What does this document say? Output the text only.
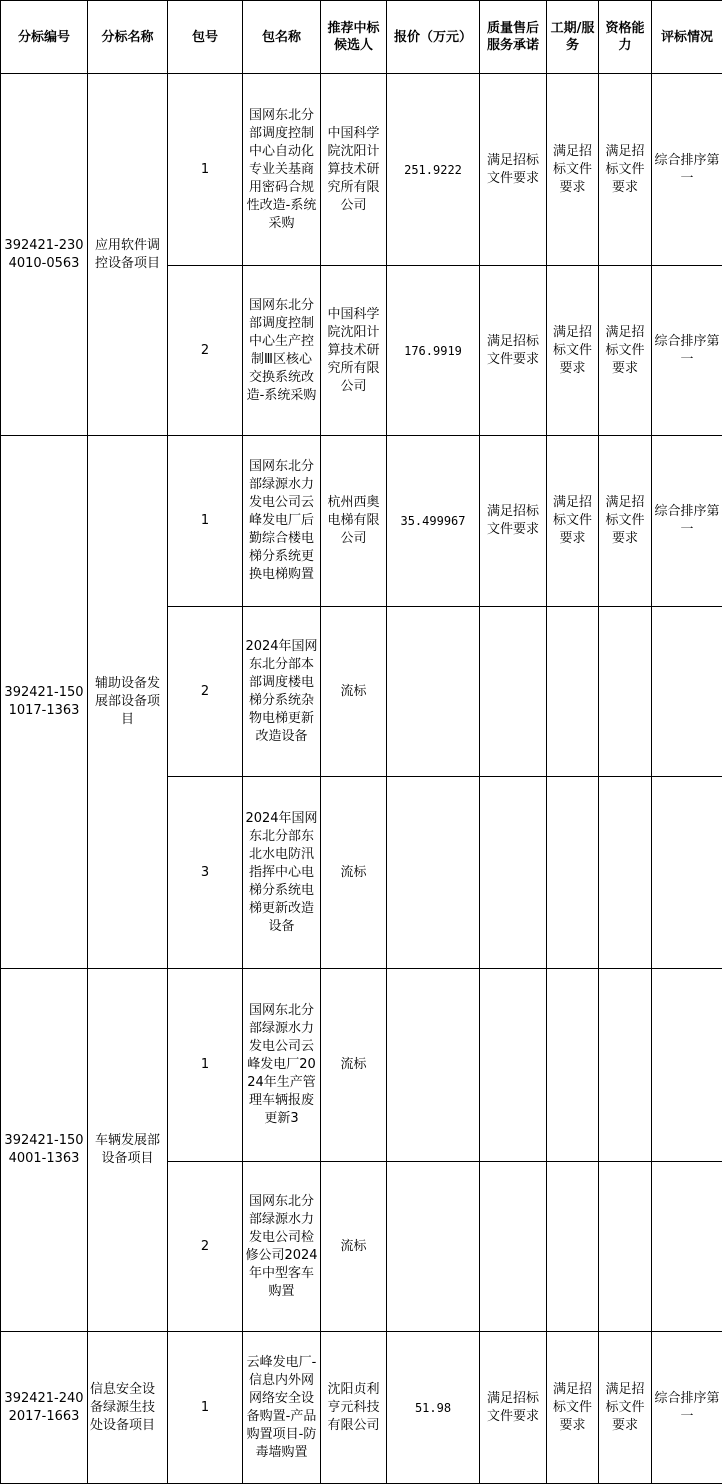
分标编号	分标名称	包号	包名称	推荐中标候选人	报价（万元）	质量售后服务承诺	工期/服务	资格能力	评标情况
392421-2304010-0563	应用软件调控设备项目	1	国网东北分部调度控制中心自动化专业关基商用密码合规性改造-系统采购	中国科学院沈阳计算技术研究所有限公司	251.9222	满足招标文件要求	满足招标文件要求	满足招标文件要求	综合排序第一
		2	国网东北分部调度控制中心生产控制Ⅲ区核心交换系统改造-系统采购	中国科学院沈阳计算技术研究所有限公司	176.9919	满足招标文件要求	满足招标文件要求	满足招标文件要求	综合排序第一
392421-1501017-1363	辅助设备发展部设备项目	1	国网东北分部绿源水力发电公司云峰发电厂后勤综合楼电梯分系统更换电梯购置	杭州西奥电梯有限公司	35.499967	满足招标文件要求	满足招标文件要求	满足招标文件要求	综合排序第一
		2	2024年国网东北分部本部调度楼电梯分系统杂物电梯更新改造设备	流标					
		3	2024年国网东北分部东北水电防汛指挥中心电梯分系统电梯更新改造设备	流标					
392421-1504001-1363	车辆发展部设备项目	1	国网东北分部绿源水力发电公司云峰发电厂2024年生产管理车辆报废更新3	流标					
		2	国网东北分部绿源水力发电公司检修公司2024年中型客车购置	流标					
392421-2402017-1663	信息安全设备绿源生技处设备项目	1	云峰发电厂-信息内外网网络安全设备购置-产品购置项目-防毒墙购置	沈阳贞利亨元科技有限公司	51.98	满足招标文件要求	满足招标文件要求	满足招标文件要求	综合排序第一
